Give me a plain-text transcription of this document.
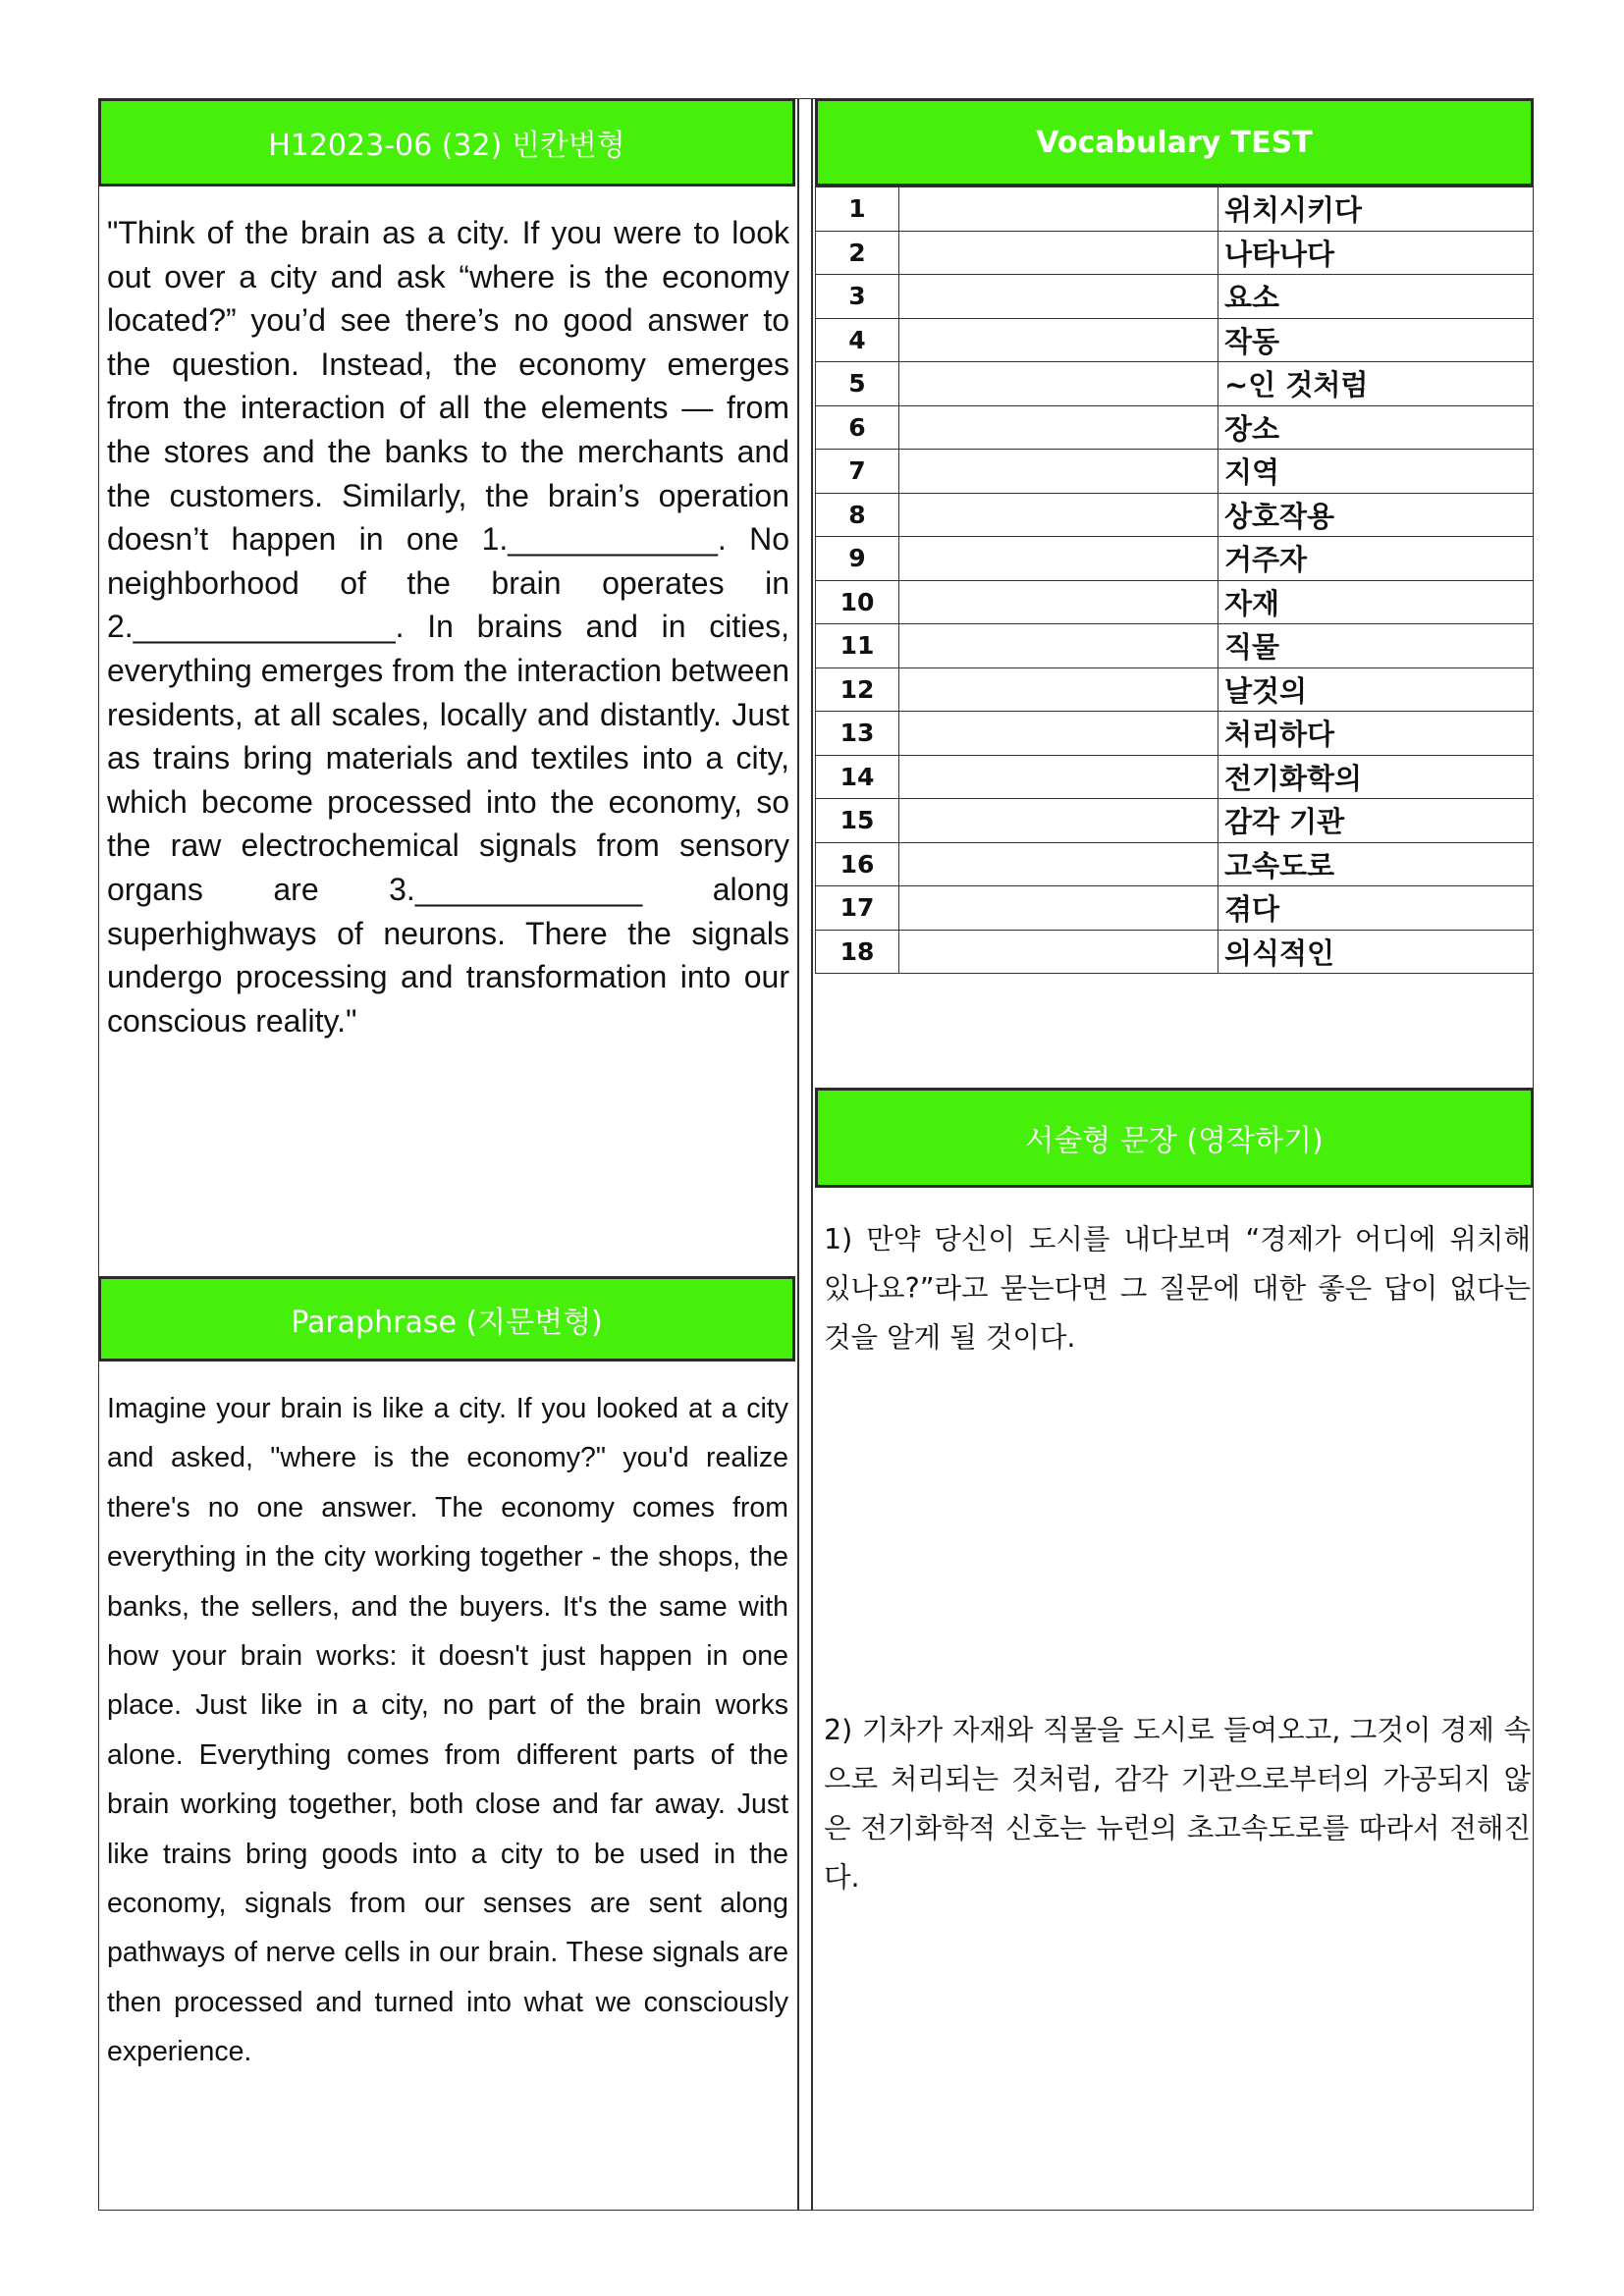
H12023-06 (32) 빈칸변형

"Think of the brain as a city. If you were to look out over a city and ask “where is the economy located?” you’d see there’s no good answer to the question. Instead, the economy emerges from the interaction of all the elements — from the stores and the banks to the merchants and the customers. Similarly, the brain’s operation doesn’t happen in one 1.____________. No neighborhood of the brain operates in 2._______________. In brains and in cities, everything emerges from the interaction between residents, at all scales, locally and distantly. Just as trains bring materials and textiles into a city, which become processed into the economy, so the raw electrochemical signals from sensory organs are 3._____________ along superhighways of neurons. There the signals undergo processing and transformation into our conscious reality."

Paraphrase (지문변형)

Imagine your brain is like a city. If you looked at a city and asked, "where is the economy?" you'd realize there's no one answer. The economy comes from everything in the city working together - the shops, the banks, the sellers, and the buyers. It's the same with how your brain works: it doesn't just happen in one place. Just like in a city, no part of the brain works alone. Everything comes from different parts of the brain working together, both close and far away. Just like trains bring goods into a city to be used in the economy, signals from our senses are sent along pathways of nerve cells in our brain. These signals are then processed and turned into what we consciously experience.

Vocabulary TEST
1		위치시키다
2		나타나다
3		요소
4		작동
5		~인 것처럼
6		장소
7		지역
8		상호작용
9		거주자
10		자재
11		직물
12		날것의
13		처리하다
14		전기화학의
15		감각 기관
16		고속도로
17		겪다
18		의식적인

서술형 문장 (영작하기)

1) 만약 당신이 도시를 내다보며 “경제가 어디에 위치해 있나요?”라고 묻는다면 그 질문에 대한 좋은 답이 없다는 것을 알게 될 것이다.

2) 기차가 자재와 직물을 도시로 들여오고, 그것이 경제 속으로 처리되는 것처럼, 감각 기관으로부터의 가공되지 않은 전기화학적 신호는 뉴런의 초고속도로를 따라서 전해진다.
